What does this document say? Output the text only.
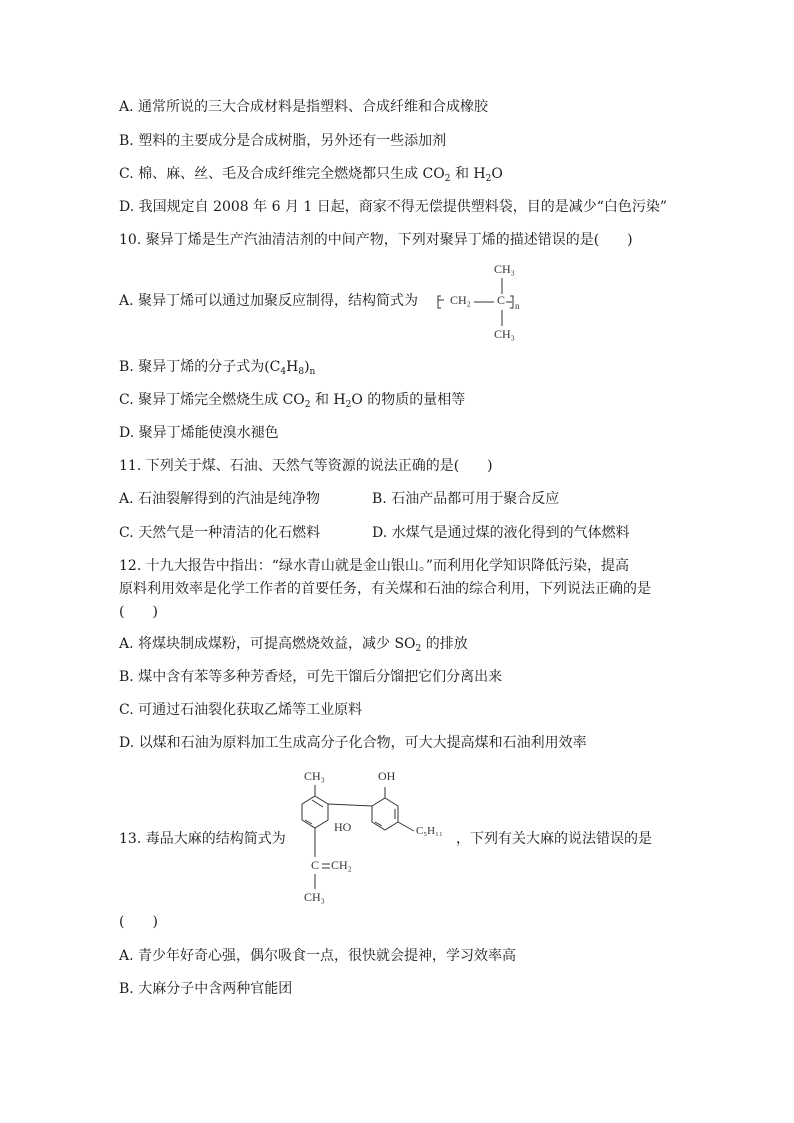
A. 通常所说的三大合成材料是指塑料、合成纤维和合成橡胶
B. 塑料的主要成分是合成树脂，另外还有一些添加剂
C. 棉、麻、丝、毛及合成纤维完全燃烧都只生成 $CO_2$ 和 $H_2O$
D. 我国规定自 2008 年 6 月 1 日起，商家不得无偿提供塑料袋，目的是减少“白色污染”
10. 聚异丁烯是生产汽油清洁剂的中间产物，下列对聚异丁烯的描述错误的是(　　)
A. 聚异丁烯可以通过加聚反应制得，结构简式为
CH₃
CH₂ C n
CH₃
B. 聚异丁烯的分子式为$(C_4H_8)_n$
C. 聚异丁烯完全燃烧生成 $CO_2$ 和 $H_2O$ 的物质的量相等
D. 聚异丁烯能使溴水褪色
11. 下列关于煤、石油、天然气等资源的说法正确的是(　　)
A. 石油裂解得到的汽油是纯净物	B. 石油产品都可用于聚合反应
C. 天然气是一种清洁的化石燃料	D. 水煤气是通过煤的液化得到的气体燃料
12. 十九大报告中指出：“绿水青山就是金山银山。”而利用化学知识降低污染，提高
原料利用效率是化学工作者的首要任务，有关煤和石油的综合利用，下列说法正确的是
(　　)
A. 将煤块制成煤粉，可提高燃烧效益，减少 $SO_2$ 的排放
B. 煤中含有苯等多种芳香烃，可先干馏后分馏把它们分离出来
C. 可通过石油裂化获取乙烯等工业原料
D. 以煤和石油为原料加工生成高分子化合物，可大大提高煤和石油利用效率
13. 毒品大麻的结构简式为
CH₃	OH
HO	C₅H₁₁
C CH₂
CH₃
，下列有关大麻的说法错误的是
(　　)
A. 青少年好奇心强，偶尔吸食一点，很快就会提神，学习效率高
B. 大麻分子中含两种官能团
